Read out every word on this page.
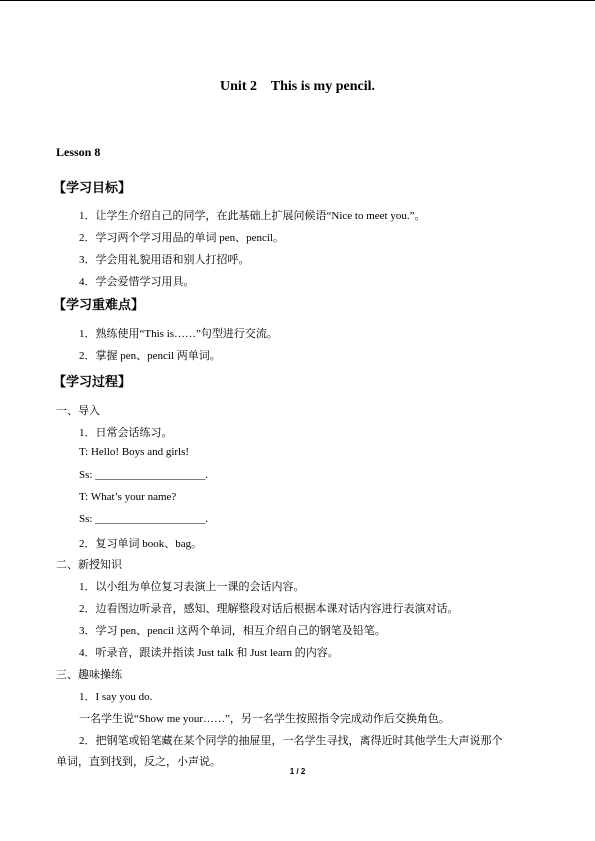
Unit 2    This is my pencil.
Lesson 8
【学习目标】
1．让学生介绍自己的同学，在此基础上扩展问候语“Nice to meet you.”。
2．学习两个学习用品的单词 pen、pencil。
3．学会用礼貌用语和别人打招呼。
4．学会爱惜学习用具。
【学习重难点】
1．熟练使用“This is……”句型进行交流。
2．掌握 pen、pencil 两单词。
【学习过程】
一、导入
1．日常会话练习。
T: Hello! Boys and girls!
Ss: ____________________.
T: What’s your name?
Ss: ____________________.
2．复习单词 book、bag。
二、新授知识
1．以小组为单位复习表演上一课的会话内容。
2．边看图边听录音，感知、理解整段对话后根据本课对话内容进行表演对话。
3．学习 pen、pencil 这两个单词，相互介绍自己的钢笔及铅笔。
4．听录音，跟读并指读 Just talk 和 Just learn 的内容。
三、趣味操练
1．I say you do.
一名学生说“Show me your……”，另一名学生按照指令完成动作后交换角色。
2．把钢笔或铅笔藏在某个同学的抽屉里，一名学生寻找，离得近时其他学生大声说那个
单词，直到找到，反之，小声说。
1 / 2
